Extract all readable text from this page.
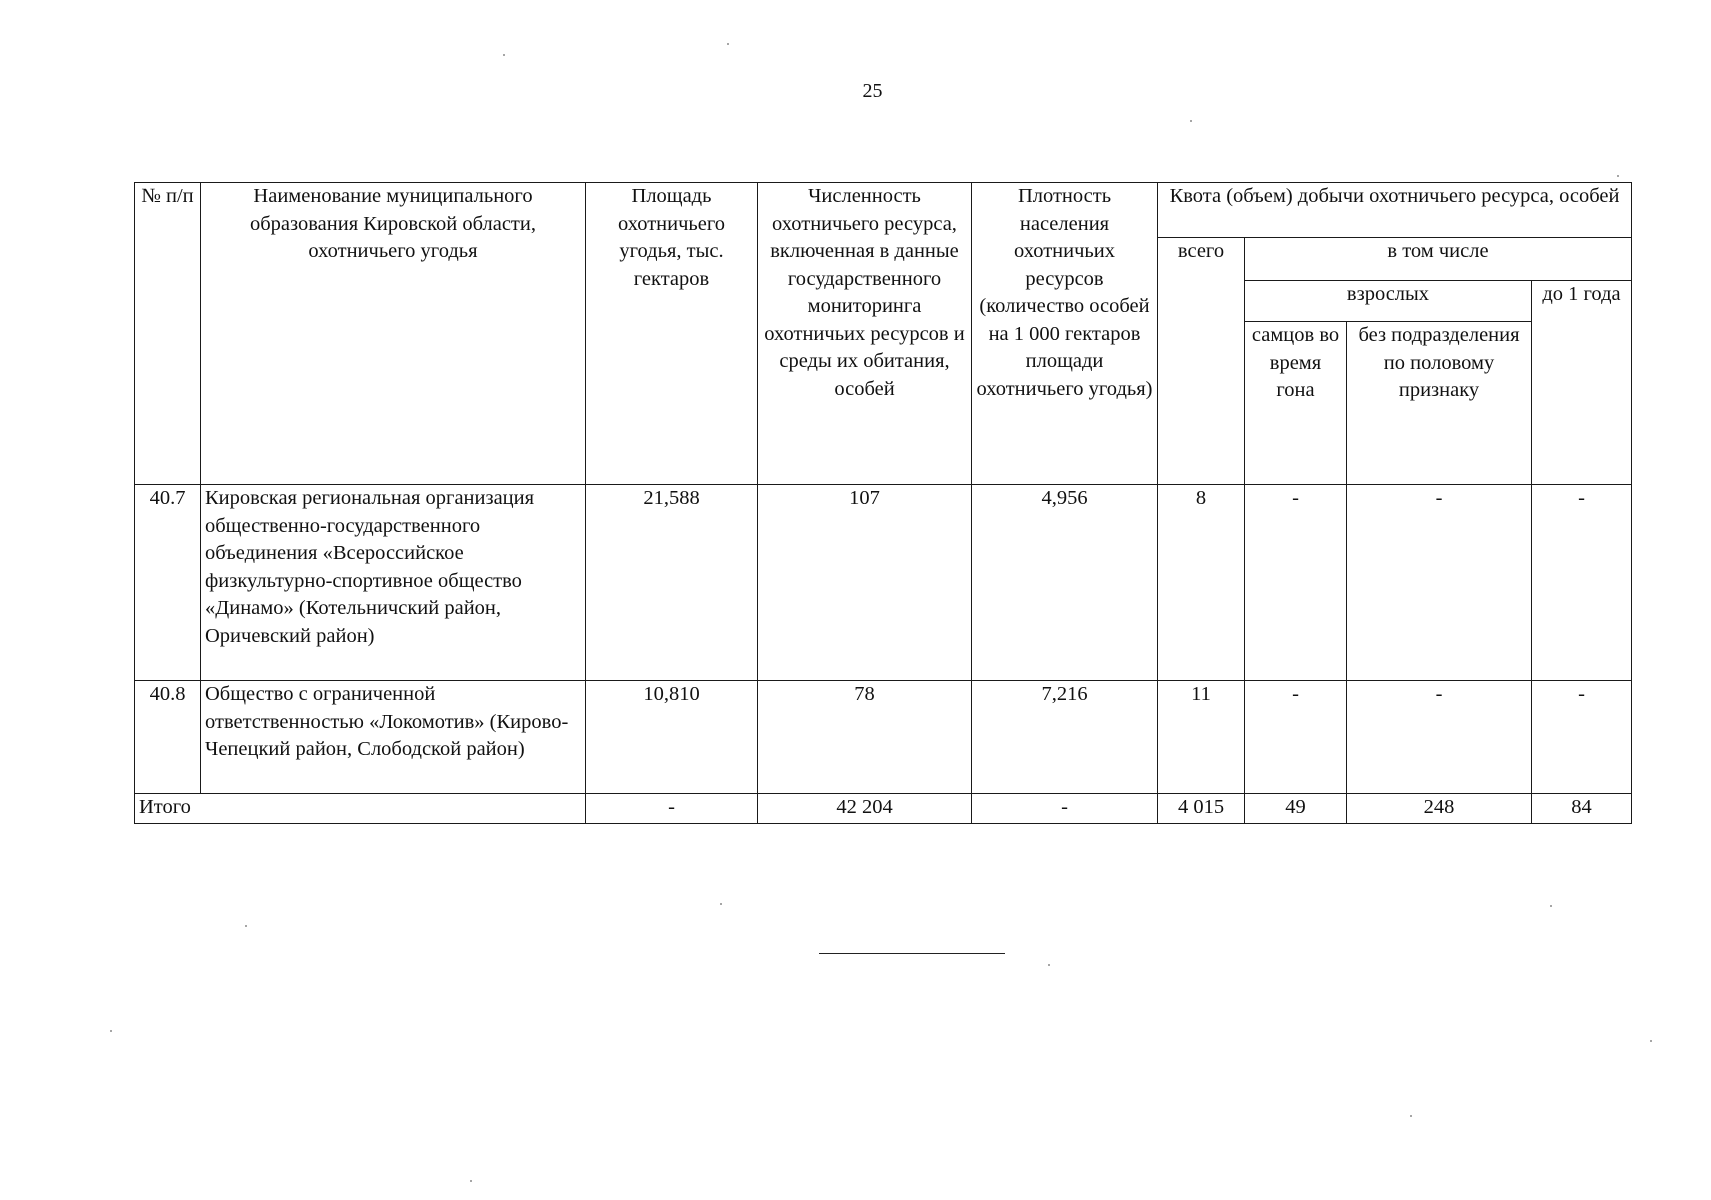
25
№ п/п	Наименование муниципального образования Кировской области, охотничьего угодья	Площадь охотничьего угодья, тыс. гектаров	Численность охотничьего ресурса, включенная в данные государственного мониторинга охотничьих ресурсов и среды их обитания, особей	Плотность населения охотничьих ресурсов (количество особей на 1 000 гектаров площади охотничьего угодья)	Квота (объем) добычи охотничьего ресурса, особей			
					всего	в том числе		
						взрослых		до 1 года
						самцов во время гона	без подразделения по половому признаку	
40.7	Кировская региональная организация общественно-государственного объединения «Всероссийское физкультурно-спортивное общество «Динамо» (Котельничский район, Оричевский район)	21,588	107	4,956	8	-	-	-
40.8	Общество с ограниченной ответственностью «Локомотив» (Кирово-Чепецкий район, Слободской район)	10,810	78	7,216	11	-	-	-
Итого		-	42 204	-	4 015	49	248	84
